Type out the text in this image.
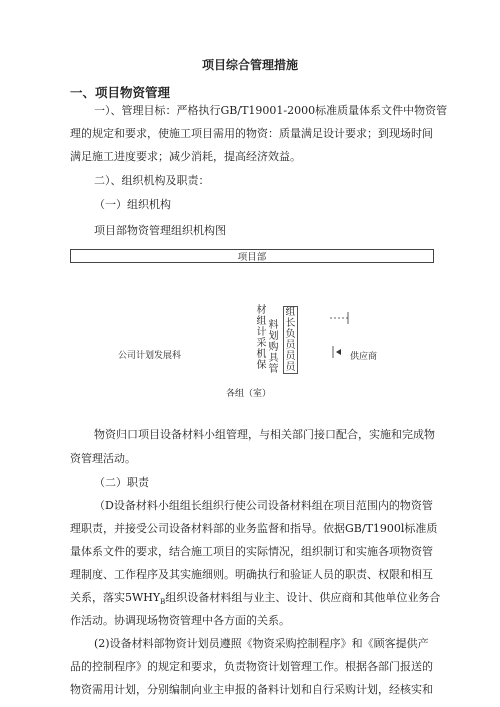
项目综合管理措施
一、项目物资管理
一）、管理目标：严格执行GB/T19001-2000标准质量体系文件中物资管
理的规定和要求，使施工项目需用的物资：质量满足设计要求；到现场时间
满足施工进度要求；减少消耗，提高经济效益。
二）、组织机构及职责：
（一）组织机构
项目部物资管理组织机构图
项目部
材组计采机保
料划购具管
组长负员员员
公司计划发展科	供应商
各组（室）
物资归口项目设备材料小组管理，与相关部门接口配合，实施和完成物
资管理活动。
（二）职责
（D设备材料小组组长组织行使公司设备材料组在项目范围内的物资管
理职责，并接受公司设备材料部的业务监督和指导。依据GB/T1900l标准质
量体系文件的要求，结合施工项目的实际情况，组织制订和实施各项物资管
理制度、工作程序及其实施细则。明确执行和验证人员的职责、权限和相互
关系，落实$5WHY_B$组织设备材料组与业主、设计、供应商和其他单位业务合
作活动。协调现场物资管理中各方面的关系。
(2)设备材料部物资计划员遵照《物资采购控制程序》和《顾客提供产
品的控制程序》的规定和要求，负责物资计划管理工作。根据各部门报送的
物资需用计划，分别编制向业主申报的备料计划和自行采购计划，经核实和
